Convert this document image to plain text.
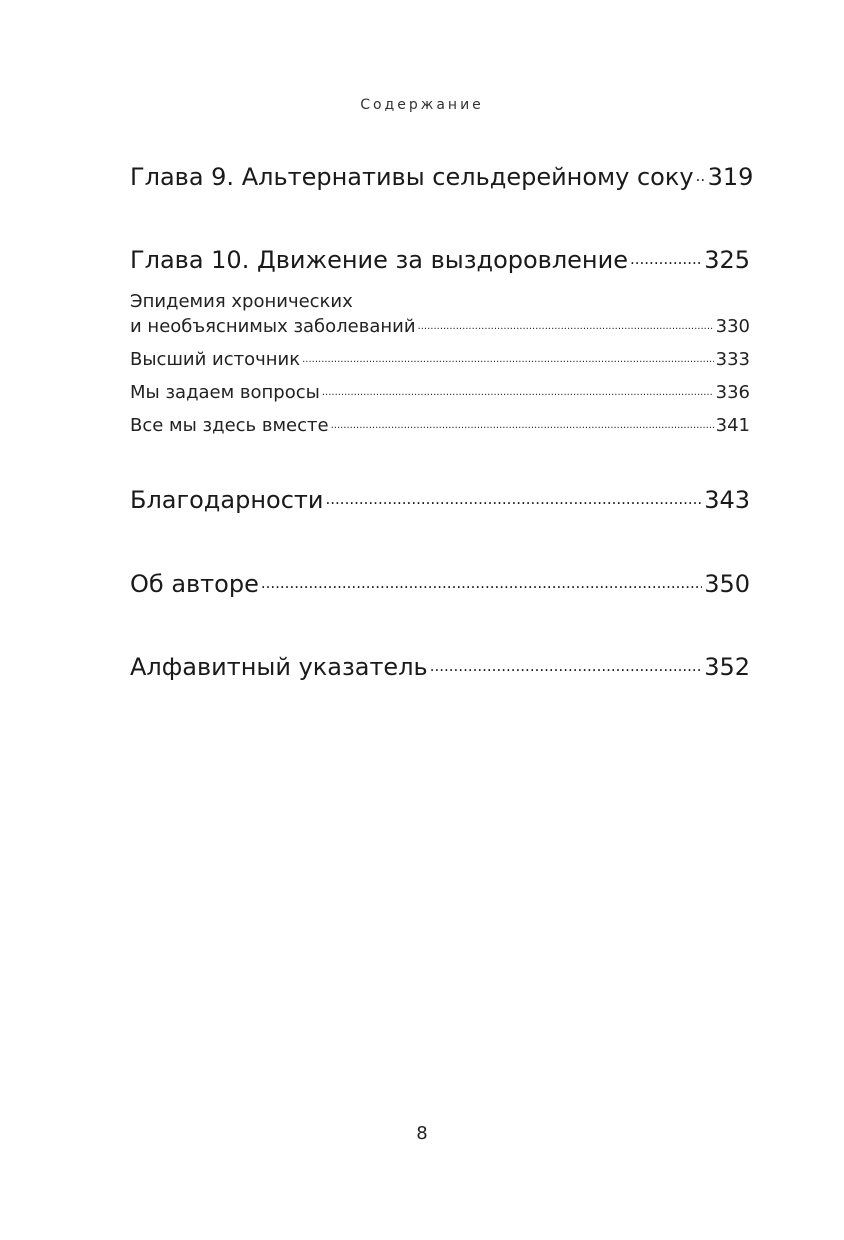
Содержание
Глава 9. Альтернативы сельдерейному соку ..... 319
Глава 10. Движение за выздоровление .....	325
Эпидемия хронических
и необъяснимых заболеваний .....	330
Высший источник .....	333
Мы задаем вопросы .....	336
Все мы здесь вместе .....	341
Благодарности .....	343
Об авторе .....	350
Алфавитный указатель .....	352
8
